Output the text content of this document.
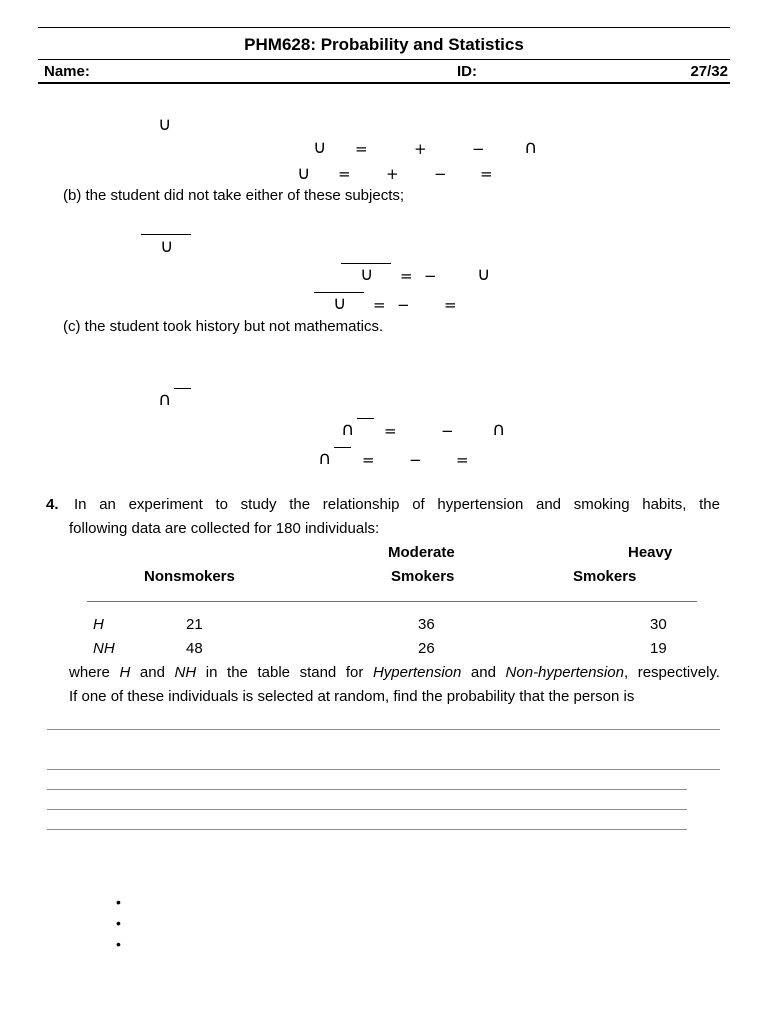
PHM628: Probability and Statistics
Name:	ID:	27/32
∪
∪ =	+	− ∩
∪ = + − =
(b) the student did not take either of these subjects;
∪
∪ = − ∪
∪ = − =
(c) the student took history but not mathematics.
∩
∩ =	− ∩
∩ = − =
4. In an experiment to study the relationship of hypertension and smoking habits, the
following data are collected for 180 individuals:
Moderate	Heavy
Nonsmokers	Smokers	Smokers
H	21	36	30
NH	48	26	19
where H and NH in the table stand for Hypertension and Non-hypertension, respectively.
If one of these individuals is selected at random, find the probability that the person is
•
•
•
